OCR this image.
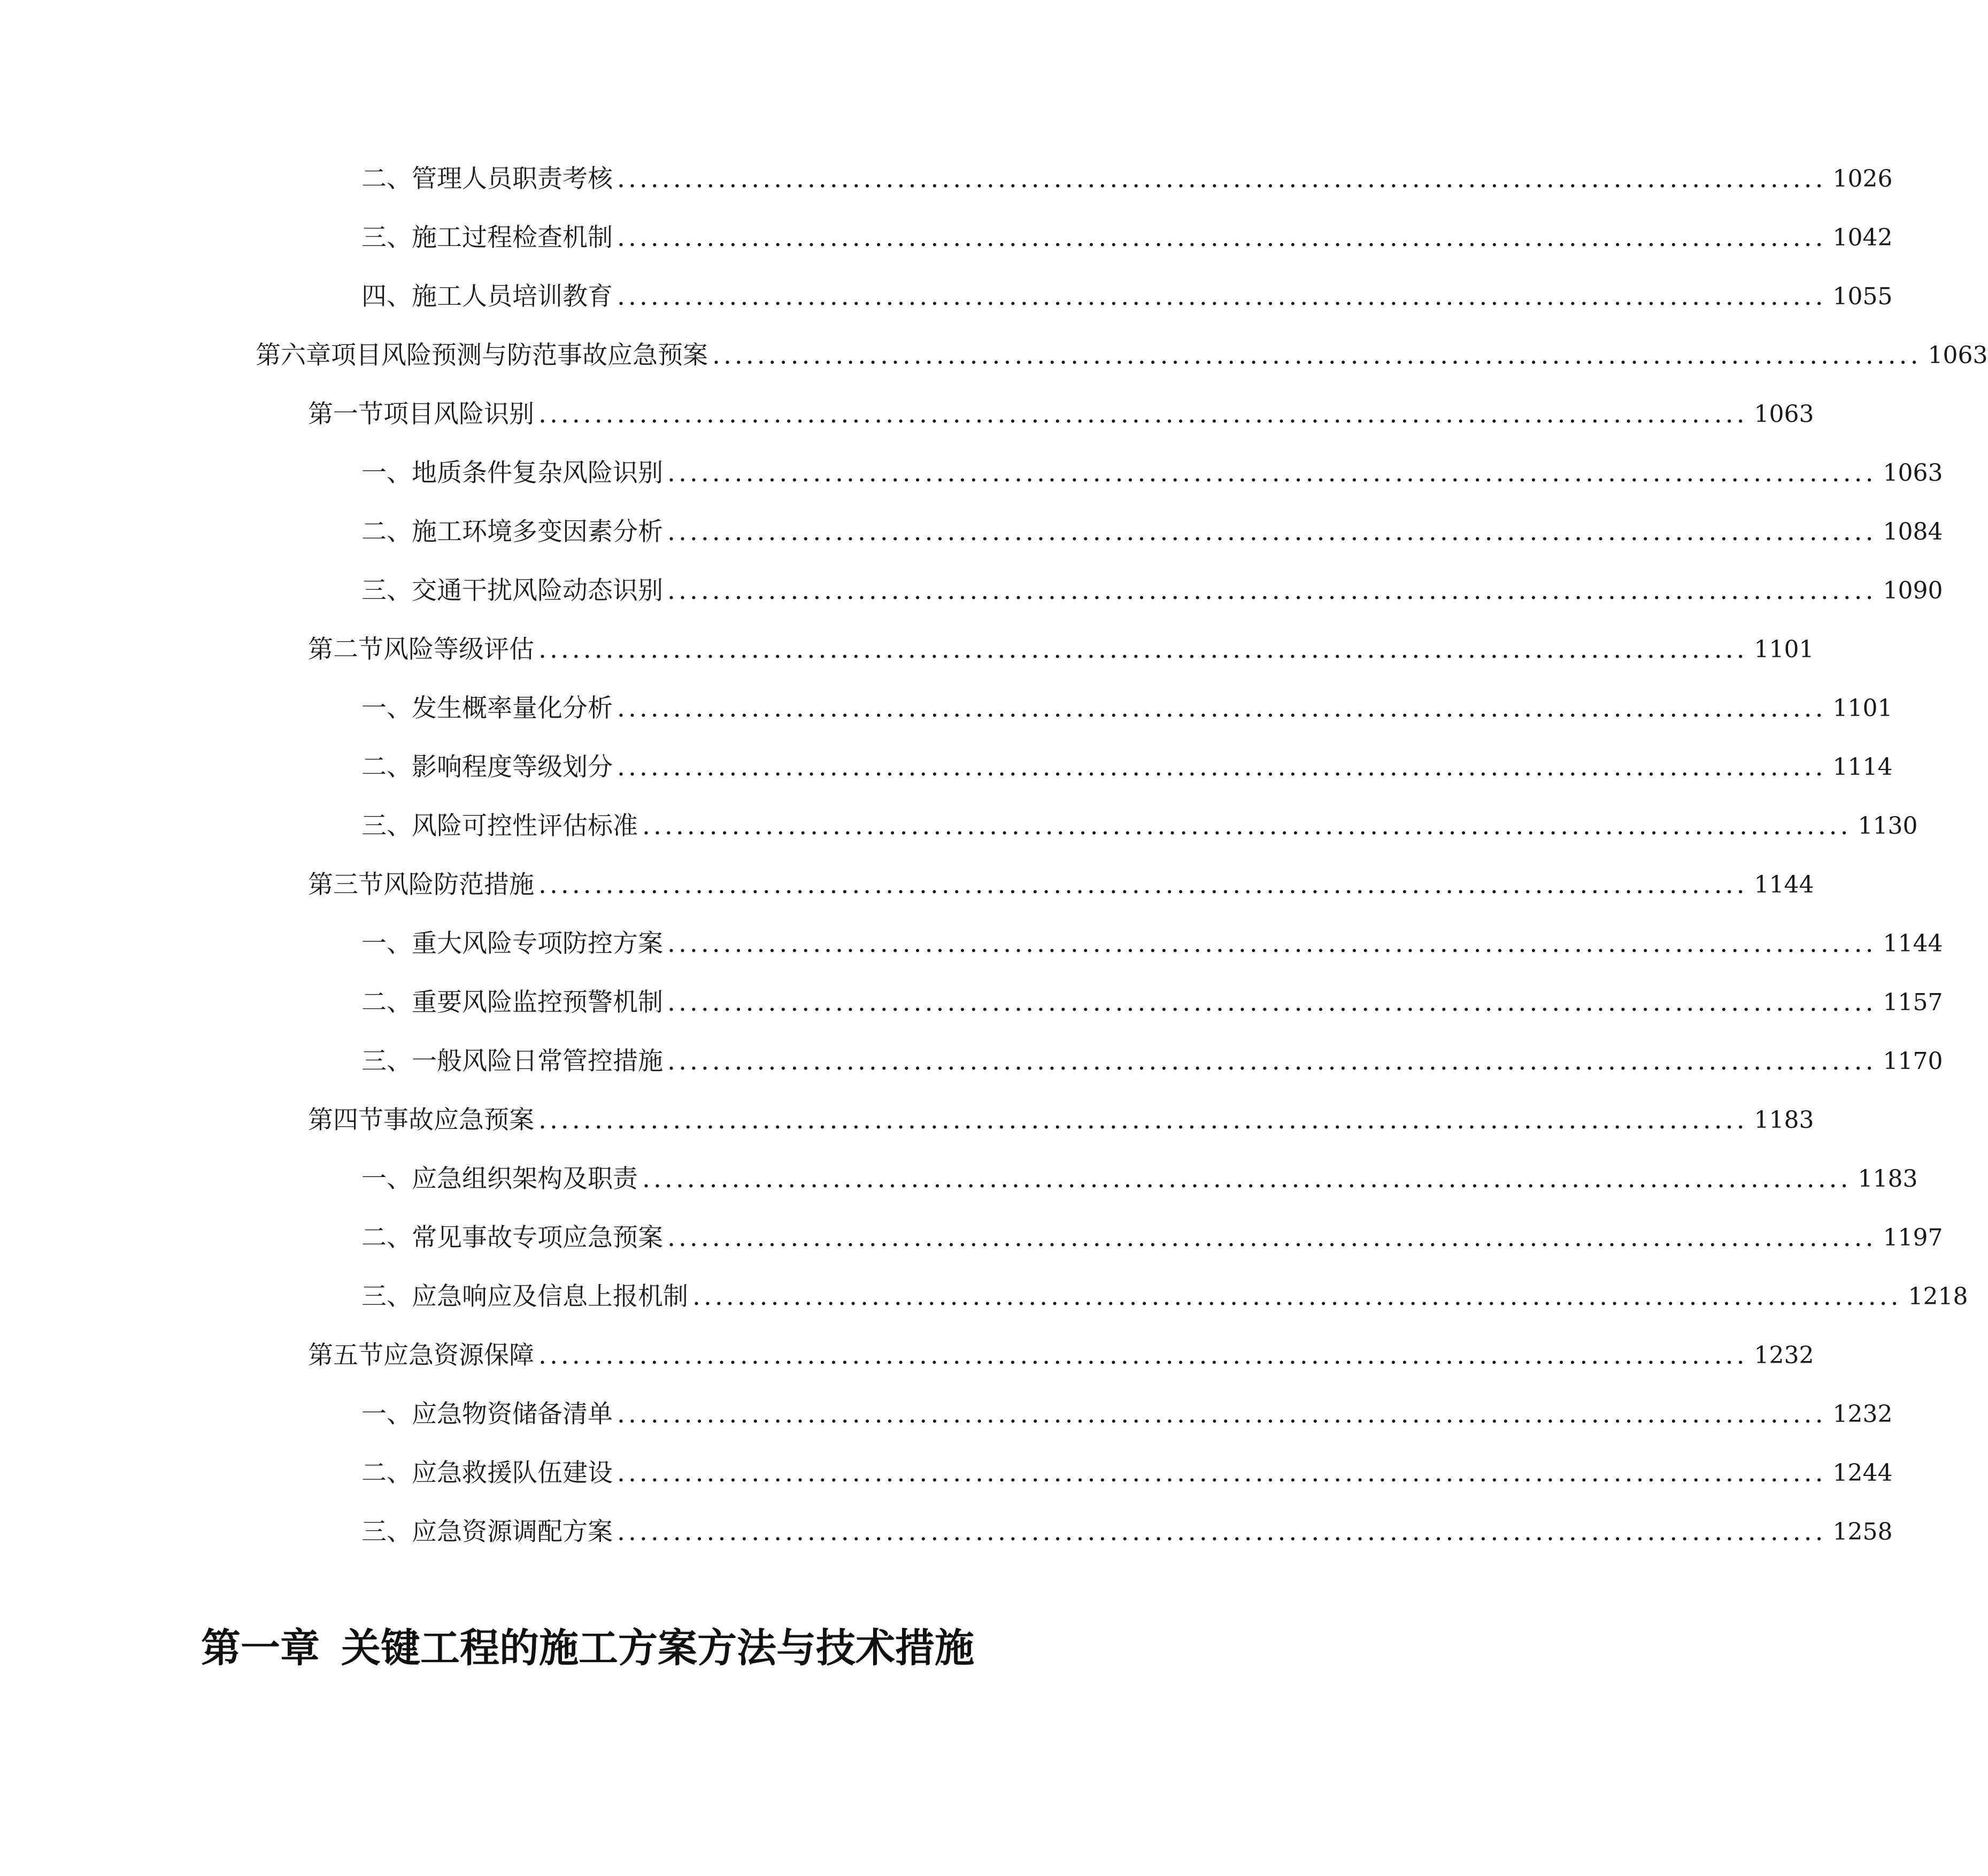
二、 管理人员职责考核 ............................................................................................................ 1026
三、 施工过程检查机制 ............................................................................................................ 1042
四、 施工人员培训教育 ............................................................................................................ 1055
第六章 项目风险预测与防范事故应急预案 ............................................................................................................ 1063
第一节 项目风险识别 ............................................................................................................ 1063
一、 地质条件复杂风险识别 ............................................................................................................ 1063
二、 施工环境多变因素分析 ............................................................................................................ 1084
三、 交通干扰风险动态识别 ............................................................................................................ 1090
第二节 风险等级评估 ............................................................................................................ 1101
一、 发生概率量化分析 ............................................................................................................ 1101
二、 影响程度等级划分 ............................................................................................................ 1114
三、 风险可控性评估标准 ............................................................................................................ 1130
第三节 风险防范措施 ............................................................................................................ 1144
一、 重大风险专项防控方案 ............................................................................................................ 1144
二、 重要风险监控预警机制 ............................................................................................................ 1157
三、 一般风险日常管控措施 ............................................................................................................ 1170
第四节 事故应急预案 ............................................................................................................ 1183
一、 应急组织架构及职责 ............................................................................................................ 1183
二、 常见事故专项应急预案 ............................................................................................................ 1197
三、 应急响应及信息上报机制 ............................................................................................................ 1218
第五节 应急资源保障 ............................................................................................................ 1232
一、 应急物资储备清单 ............................................................................................................ 1232
二、 应急救援队伍建设 ............................................................................................................ 1244
三、 应急资源调配方案 ............................................................................................................ 1258
第一章 关键工程的施工方案方法与技术措施
